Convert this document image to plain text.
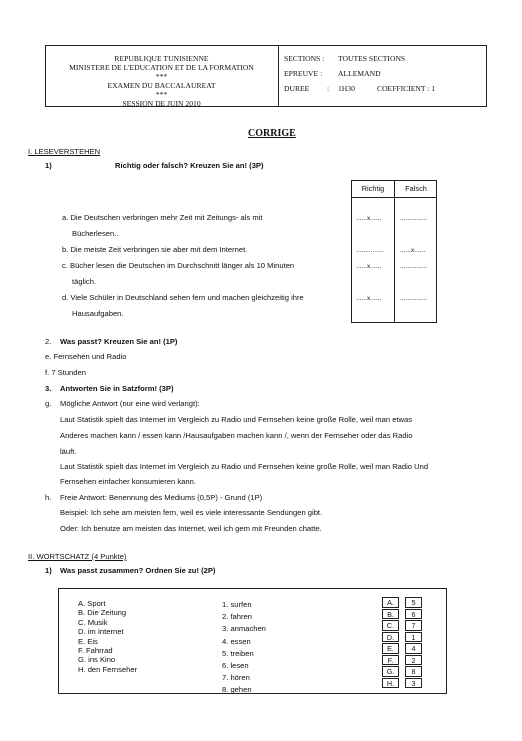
REPUBLIQUE TUNISIENNE
MINISTERE DE L'EDUCATION ET DE LA FORMATION
***
EXAMEN DU BACCALAUREAT
***
SESSION DE JUIN 2010
SECTIONS : TOUTES SECTIONS
EPREUVE : ALLEMAND
DUREE : 1H30	COEFFICIENT : 1
CORRIGE
I. LESEVERSTEHEN
1)	Richtig oder falsch? Kreuzen Sie an! (3P)
Richtig	Falsch
a. Die Deutschen verbringen mehr Zeit mit Zeitungs- als mit
Bücherlesen..
......x......	...............
b. Die meiste Zeit verbringen sie aber mit dem Internet.	...............	......x......
c. Bücher lesen die Deutschen im Durchschnitt länger als 10 Minuten
täglich.
......x......	...............
d. Viele Schüler in Deutschland sehen fern und machen gleichzeitig ihre
Hausaufgaben.
......x......	...............
2. Was passt? Kreuzen Sie an! (1P)
e. Fernsehen und Radio
f. 7 Stunden
3. Antworten Sie in Satzform! (3P)
g. Mögliche Antwort (nur eine wird verlangt):
Laut Statistik spielt das Internet im Vergleich zu Radio und Fernsehen keine große Rolle, weil man etwas
Anderes machen kann / essen kann /Hausaufgaben machen kann /, wenn der Fernseher oder das Radio
läuft.
Laut Statistik spielt das Internet im Vergleich zu Radio und Fernsehen keine große Rolle, weil man Radio Und
Fernsehen einfacher konsumieren kann.
h. Freie Antwort: Benennung des Mediums (0,5P) - Grund (1P)
Beispiel: Ich sehe am meisten fern, weil es viele interessante Sendungen gibt.
Oder: Ich benutze am meisten das Internet, weil ich gem mit Freunden chatte.
II. WORTSCHATZ (4 Punkte)
1) Was passt zusammen? Ordnen Sie zu! (2P)
A. Sport
B. Die Zeitung
C. Musik
D. im Internet
E. Eis
F. Fahrrad
G. ins Kino
H. den Fernseher
1. surfen
2. fahren
3. anmachen
4. essen
5. treiben
6. lesen
7. hören
8. gehen
A.	5
B.	6
C.	7
D.	1
E.	4
F.	2
G.	8
H.	3
